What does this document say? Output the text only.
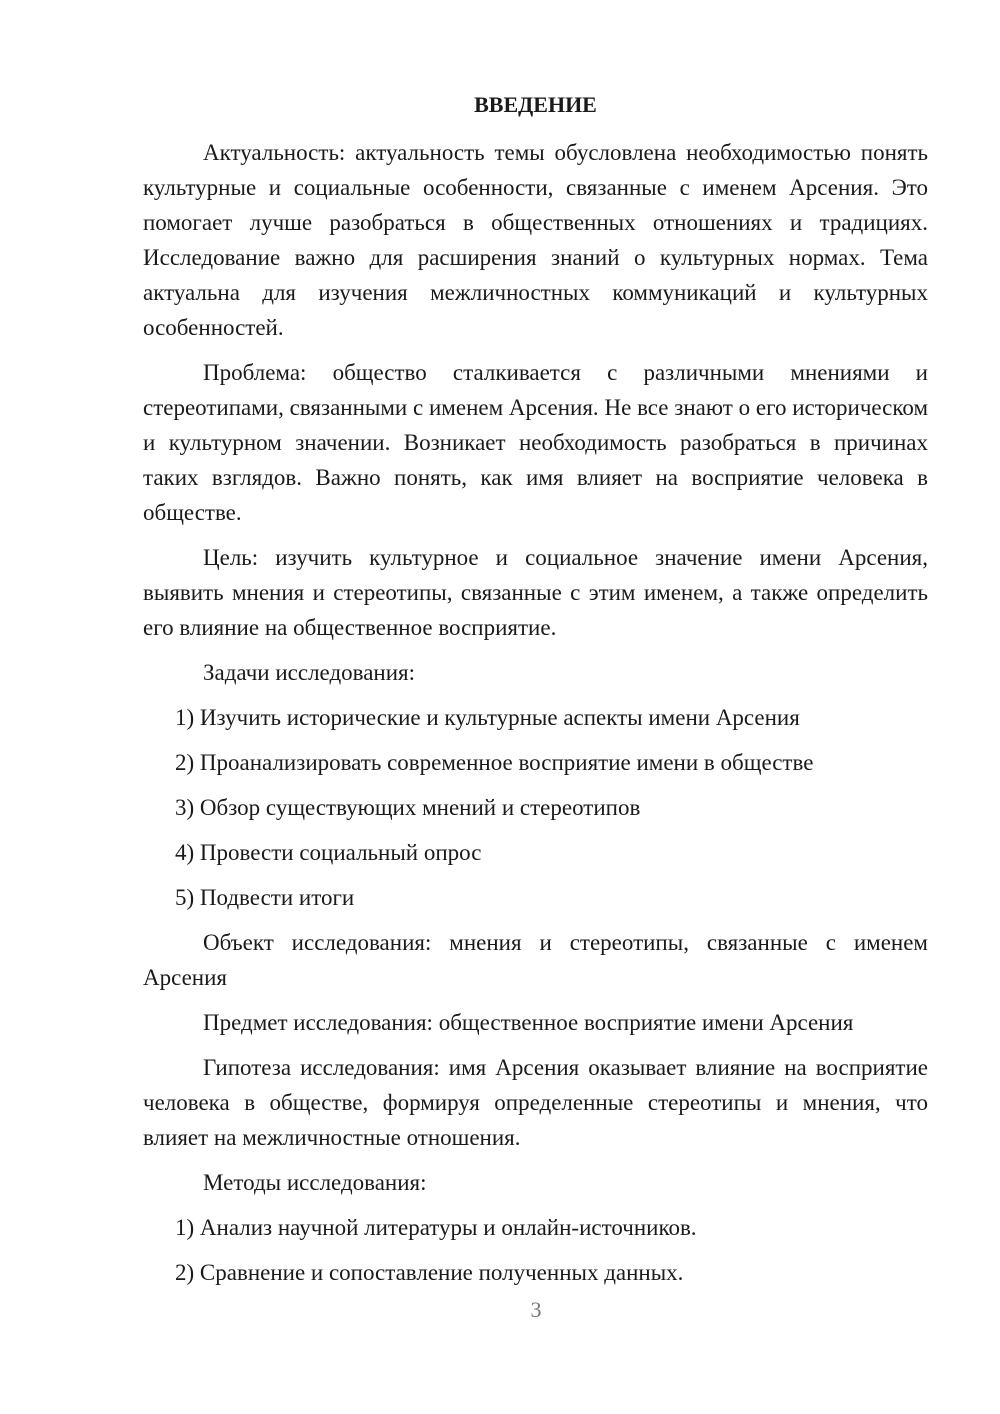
ВВЕДЕНИЕ

Актуальность: актуальность темы обусловлена необходимостью понять культурные и социальные особенности, связанные с именем Арсения. Это помогает лучше разобраться в общественных отношениях и традициях. Исследование важно для расширения знаний о культурных нормах. Тема актуальна для изучения межличностных коммуникаций и культурных особенностей.

Проблема: общество сталкивается с различными мнениями и стереотипами, связанными с именем Арсения. Не все знают о его историческом и культурном значении. Возникает необходимость разобраться в причинах таких взглядов. Важно понять, как имя влияет на восприятие человека в обществе.

Цель: изучить культурное и социальное значение имени Арсения, выявить мнения и стереотипы, связанные с этим именем, а также определить его влияние на общественное восприятие.

Задачи исследования:

1) Изучить исторические и культурные аспекты имени Арсения

2) Проанализировать современное восприятие имени в обществе

3) Обзор существующих мнений и стереотипов

4) Провести социальный опрос

5) Подвести итоги

Объект исследования: мнения и стереотипы, связанные с именем Арсения

Предмет исследования: общественное восприятие имени Арсения

Гипотеза исследования: имя Арсения оказывает влияние на восприятие человека в обществе, формируя определенные стереотипы и мнения, что влияет на межличностные отношения.

Методы исследования:

1) Анализ научной литературы и онлайн-источников.

2) Сравнение и сопоставление полученных данных.

3
